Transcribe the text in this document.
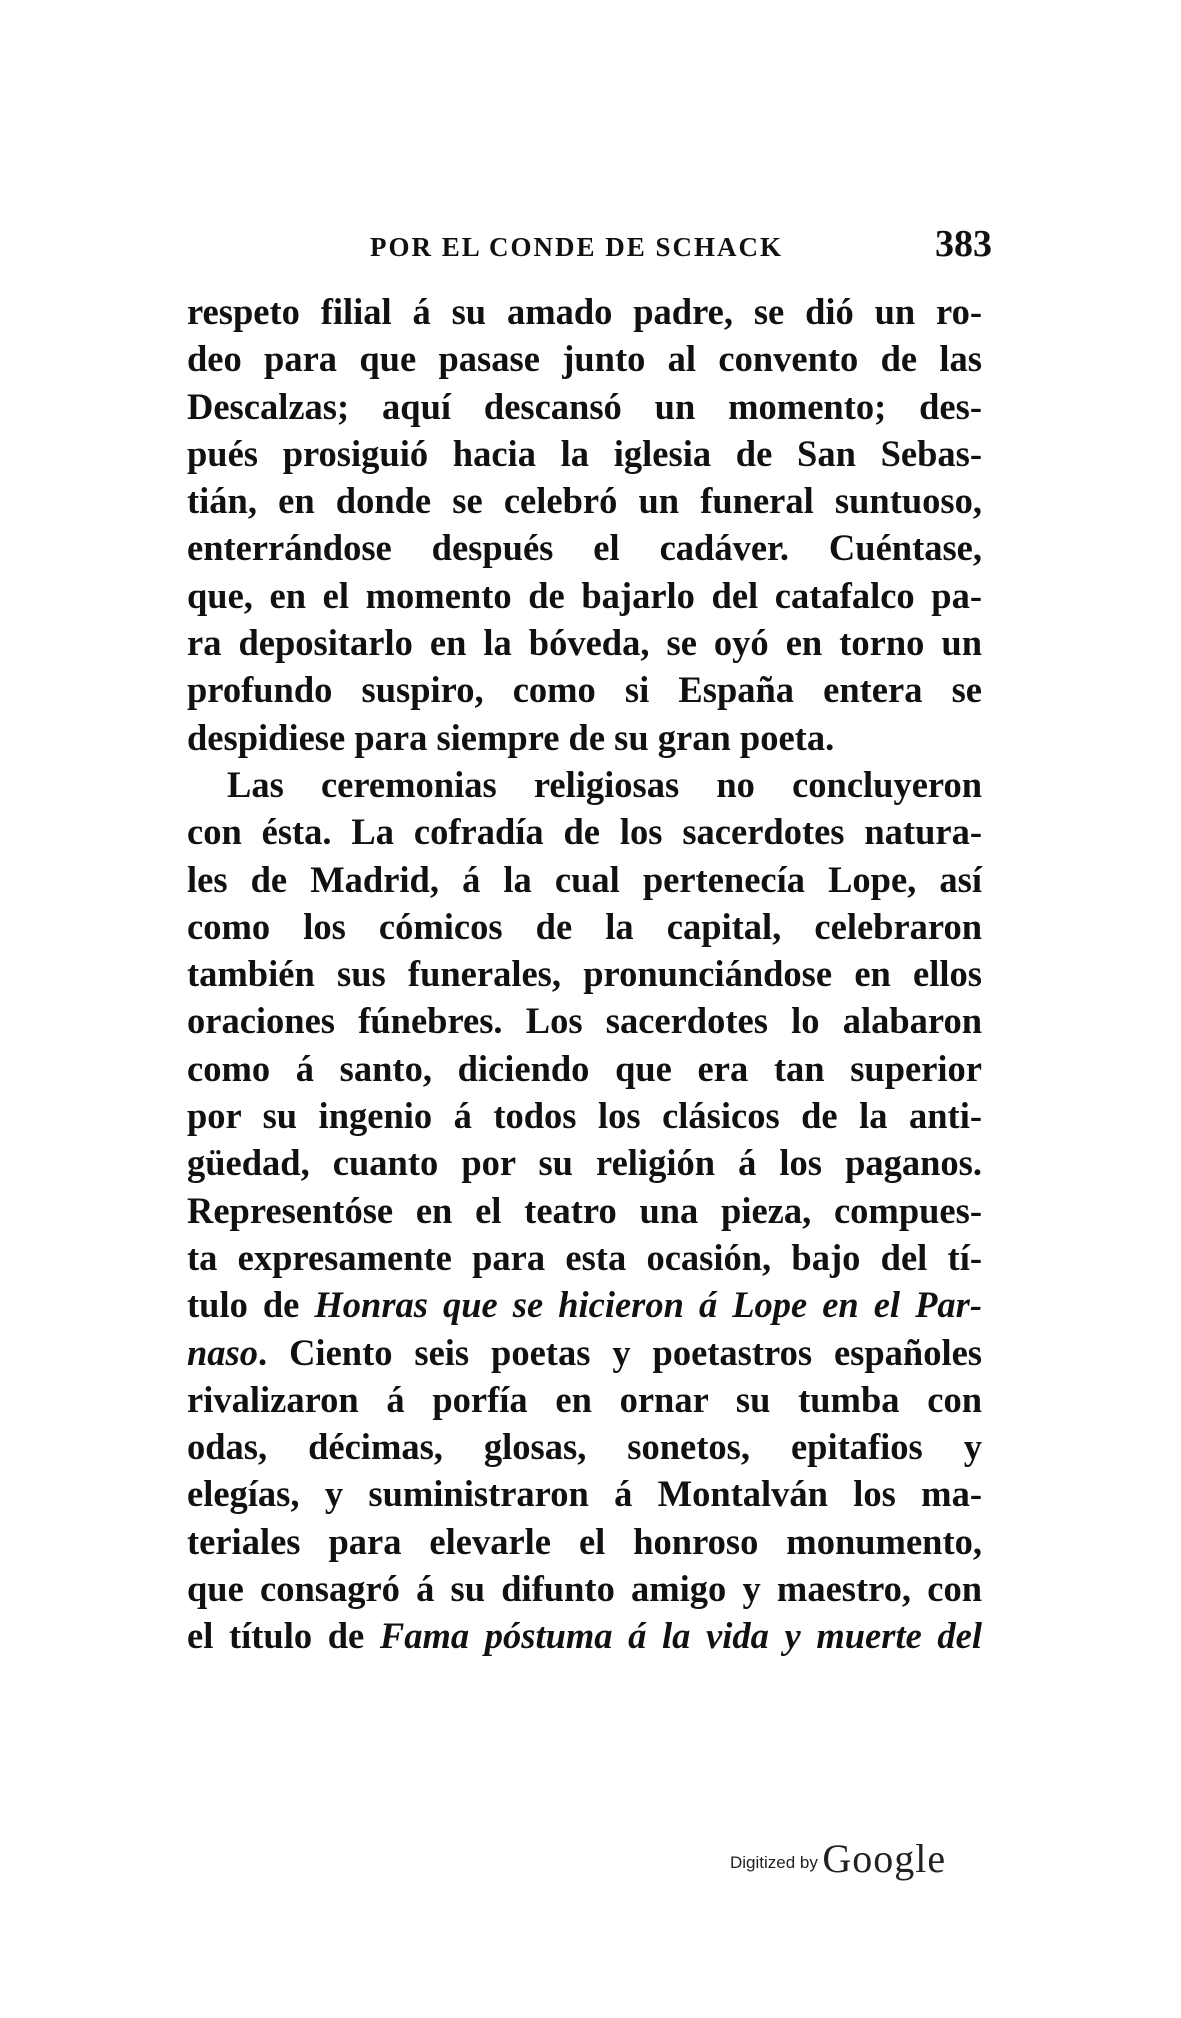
POR EL CONDE DE SCHACK	383
respeto filial á su amado padre, se dió un ro-
deo para que pasase junto al convento de las
Descalzas; aquí descansó un momento; des-
pués prosiguió hacia la iglesia de San Sebas-
tián, en donde se celebró un funeral suntuoso,
enterrándose después el cadáver. Cuéntase,
que, en el momento de bajarlo del catafalco pa-
ra depositarlo en la bóveda, se oyó en torno un
profundo suspiro, como si España entera se
despidiese para siempre de su gran poeta.
Las ceremonias religiosas no concluyeron
con ésta. La cofradía de los sacerdotes natura-
les de Madrid, á la cual pertenecía Lope, así
como los cómicos de la capital, celebraron
también sus funerales, pronunciándose en ellos
oraciones fúnebres. Los sacerdotes lo alabaron
como á santo, diciendo que era tan superior
por su ingenio á todos los clásicos de la anti-
güedad, cuanto por su religión á los paganos.
Representóse en el teatro una pieza, compues-
ta expresamente para esta ocasión, bajo del tí-
tulo de Honras que se hicieron á Lope en el Par-
naso. Ciento seis poetas y poetastros españoles
rivalizaron á porfía en ornar su tumba con
odas, décimas, glosas, sonetos, epitafios y
elegías, y suministraron á Montalván los ma-
teriales para elevarle el honroso monumento,
que consagró á su difunto amigo y maestro, con
el título de Fama póstuma á la vida y muerte del
Digitized by Google
